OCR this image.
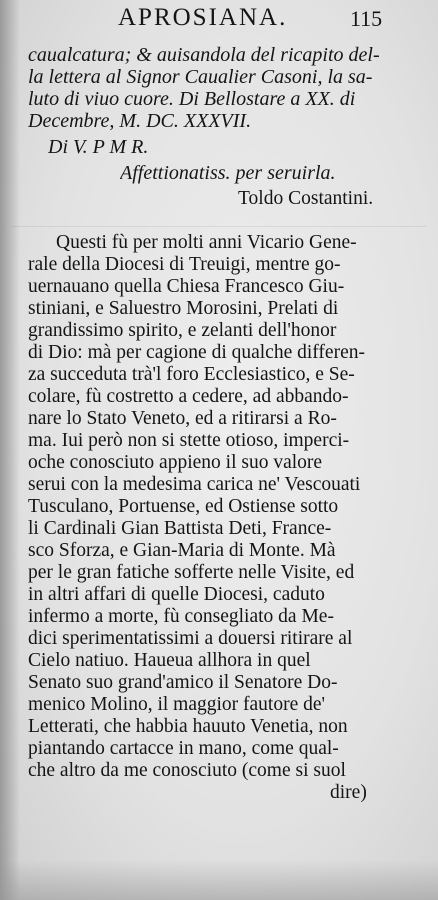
APROSIANA.	115
caualcatura; & auisandola del ricapito del-
la lettera al Signor Caualier Casoni, la sa-
luto di viuo cuore. Di Bellostare a XX. di
Decembre, M. DC. XXXVII.
Di V. P M R.
Affettionatiss. per seruirla.
Toldo Costantini.
Questi fù per molti anni Vicario Gene-
rale della Diocesi di Treuigi, mentre go-
uernauano quella Chiesa Francesco Giu-
stiniani, e Saluestro Morosini, Prelati di
grandissimo spirito, e zelanti dell'honor
di Dio: mà per cagione di qualche differen-
za succeduta trà'l foro Ecclesiastico, e Se-
colare, fù costretto a cedere, ad abbando-
nare lo Stato Veneto, ed a ritirarsi a Ro-
ma. Iui però non si stette otioso, imperci-
oche conosciuto appieno il suo valore
serui con la medesima carica ne' Vescouati
Tusculano, Portuense, ed Ostiense sotto
li Cardinali Gian Battista Deti, France-
sco Sforza, e Gian-Maria di Monte. Mà
per le gran fatiche sofferte nelle Visite, ed
in altri affari di quelle Diocesi, caduto
infermo a morte, fù consegliato da Me-
dici sperimentatissimi a douersi ritirare al
Cielo natiuo. Haueua allhora in quel
Senato suo grand'amico il Senatore Do-
menico Molino, il maggior fautore de'
Letterati, che habbia hauuto Venetia, non
piantando cartacce in mano, come qual-
che altro da me conosciuto (come si suol
dire)
